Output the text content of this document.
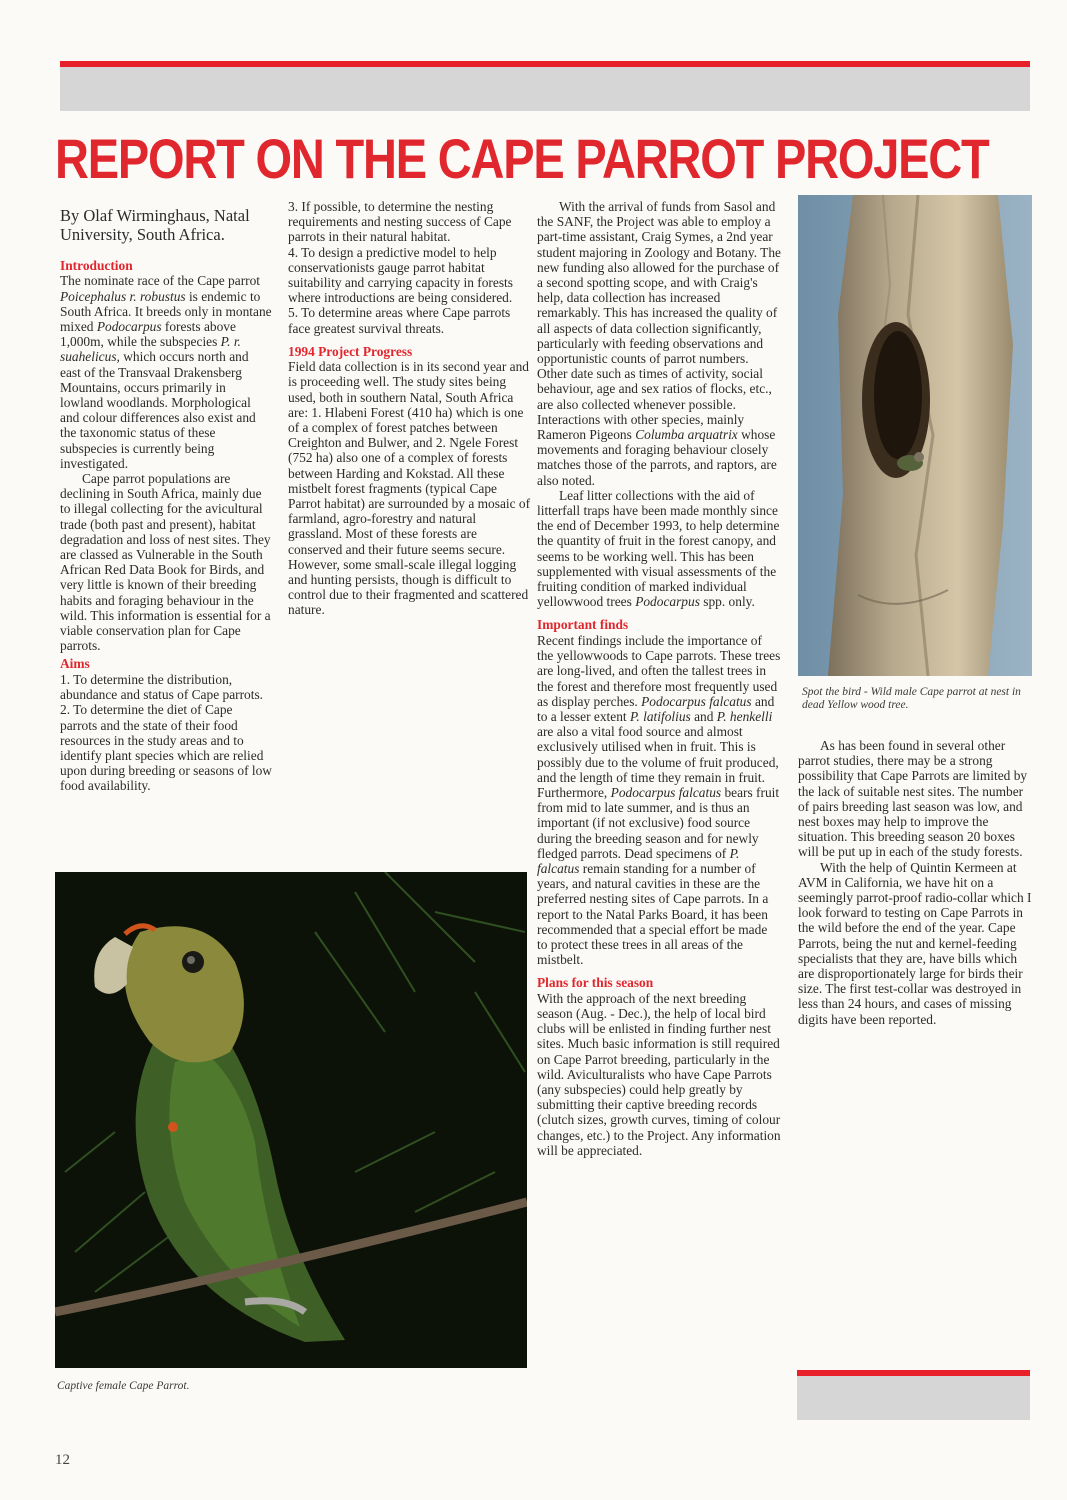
REPORT ON THE CAPE PARROT PROJECT

By Olaf Wirminghaus, Natal University, South Africa.

Introduction

The nominate race of the Cape parrot Poicephalus r. robustus is endemic to South Africa. It breeds only in montane mixed Podocarpus forests above 1,000m, while the subspecies P. r. suahelicus, which occurs north and east of the Transvaal Drakensberg Mountains, occurs primarily in lowland woodlands. Morphological and colour differences also exist and the taxonomic status of these subspecies is currently being investigated.

Cape parrot populations are declining in South Africa, mainly due to illegal collecting for the avicultural trade (both past and present), habitat degradation and loss of nest sites. They are classed as Vulnerable in the South African Red Data Book for Birds, and very little is known of their breeding habits and foraging behaviour in the wild. This information is essential for a viable conservation plan for Cape parrots.

Aims

1. To determine the distribution, abundance and status of Cape parrots.

2. To determine the diet of Cape parrots and the state of their food resources in the study areas and to identify plant species which are relied upon during breeding or seasons of low food availability.

3. If possible, to determine the nesting requirements and nesting success of Cape parrots in their natural habitat.

4. To design a predictive model to help conservationists gauge parrot habitat suitability and carrying capacity in forests where introductions are being considered.

5. To determine areas where Cape parrots face greatest survival threats.

1994 Project Progress

Field data collection is in its second year and is proceeding well. The study sites being used, both in southern Natal, South Africa are: 1. Hlabeni Forest (410 ha) which is one of a complex of forest patches between Creighton and Bulwer, and 2. Ngele Forest (752 ha) also one of a complex of forests between Harding and Kokstad. All these mistbelt forest fragments (typical Cape Parrot habitat) are surrounded by a mosaic of farmland, agro-forestry and natural grassland. Most of these forests are conserved and their future seems secure. However, some small-scale illegal logging and hunting persists, though is difficult to control due to their fragmented and scattered nature.

With the arrival of funds from Sasol and the SANF, the Project was able to employ a part-time assistant, Craig Symes, a 2nd year student majoring in Zoology and Botany. The new funding also allowed for the purchase of a second spotting scope, and with Craig's help, data collection has increased remarkably. This has increased the quality of all aspects of data collection significantly, particularly with feeding observations and opportunistic counts of parrot numbers. Other date such as times of activity, social behaviour, age and sex ratios of flocks, etc., are also collected whenever possible. Interactions with other species, mainly Rameron Pigeons Columba arquatrix whose movements and foraging behaviour closely matches those of the parrots, and raptors, are also noted.

Leaf litter collections with the aid of litterfall traps have been made monthly since the end of December 1993, to help determine the quantity of fruit in the forest canopy, and seems to be working well. This has been supplemented with visual assessments of the fruiting condition of marked individual yellowwood trees Podocarpus spp. only.

Important finds

Recent findings include the importance of the yellowwoods to Cape parrots. These trees are long-lived, and often the tallest trees in the forest and therefore most frequently used as display perches. Podocarpus falcatus and to a lesser extent P. latifolius and P. henkelli are also a vital food source and almost exclusively utilised when in fruit. This is possibly due to the volume of fruit produced, and the length of time they remain in fruit. Furthermore, Podocarpus falcatus bears fruit from mid to late summer, and is thus an important (if not exclusive) food source during the breeding season and for newly fledged parrots. Dead specimens of P. falcatus remain standing for a number of years, and natural cavities in these are the preferred nesting sites of Cape parrots. In a report to the Natal Parks Board, it has been recommended that a special effort be made to protect these trees in all areas of the mistbelt.

Plans for this season

With the approach of the next breeding season (Aug. - Dec.), the help of local bird clubs will be enlisted in finding further nest sites. Much basic information is still required on Cape Parrot breeding, particularly in the wild. Aviculturalists who have Cape Parrots (any subspecies) could help greatly by submitting their captive breeding records (clutch sizes, growth curves, timing of colour changes, etc.) to the Project. Any information will be appreciated.

As has been found in several other parrot studies, there may be a strong possibility that Cape Parrots are limited by the lack of suitable nest sites. The number of pairs breeding last season was low, and nest boxes may help to improve the situation. This breeding season 20 boxes will be put up in each of the study forests.

With the help of Quintin Kermeen at AVM in California, we have hit on a seemingly parrot-proof radio-collar which I look forward to testing on Cape Parrots in the wild before the end of the year. Cape Parrots, being the nut and kernel-feeding specialists that they are, have bills which are disproportionately large for birds their size. The first test-collar was destroyed in less than 24 hours, and cases of missing digits have been reported.

Spot the bird - Wild male Cape parrot at nest in dead Yellow wood tree.
Captive female Cape Parrot.
12
